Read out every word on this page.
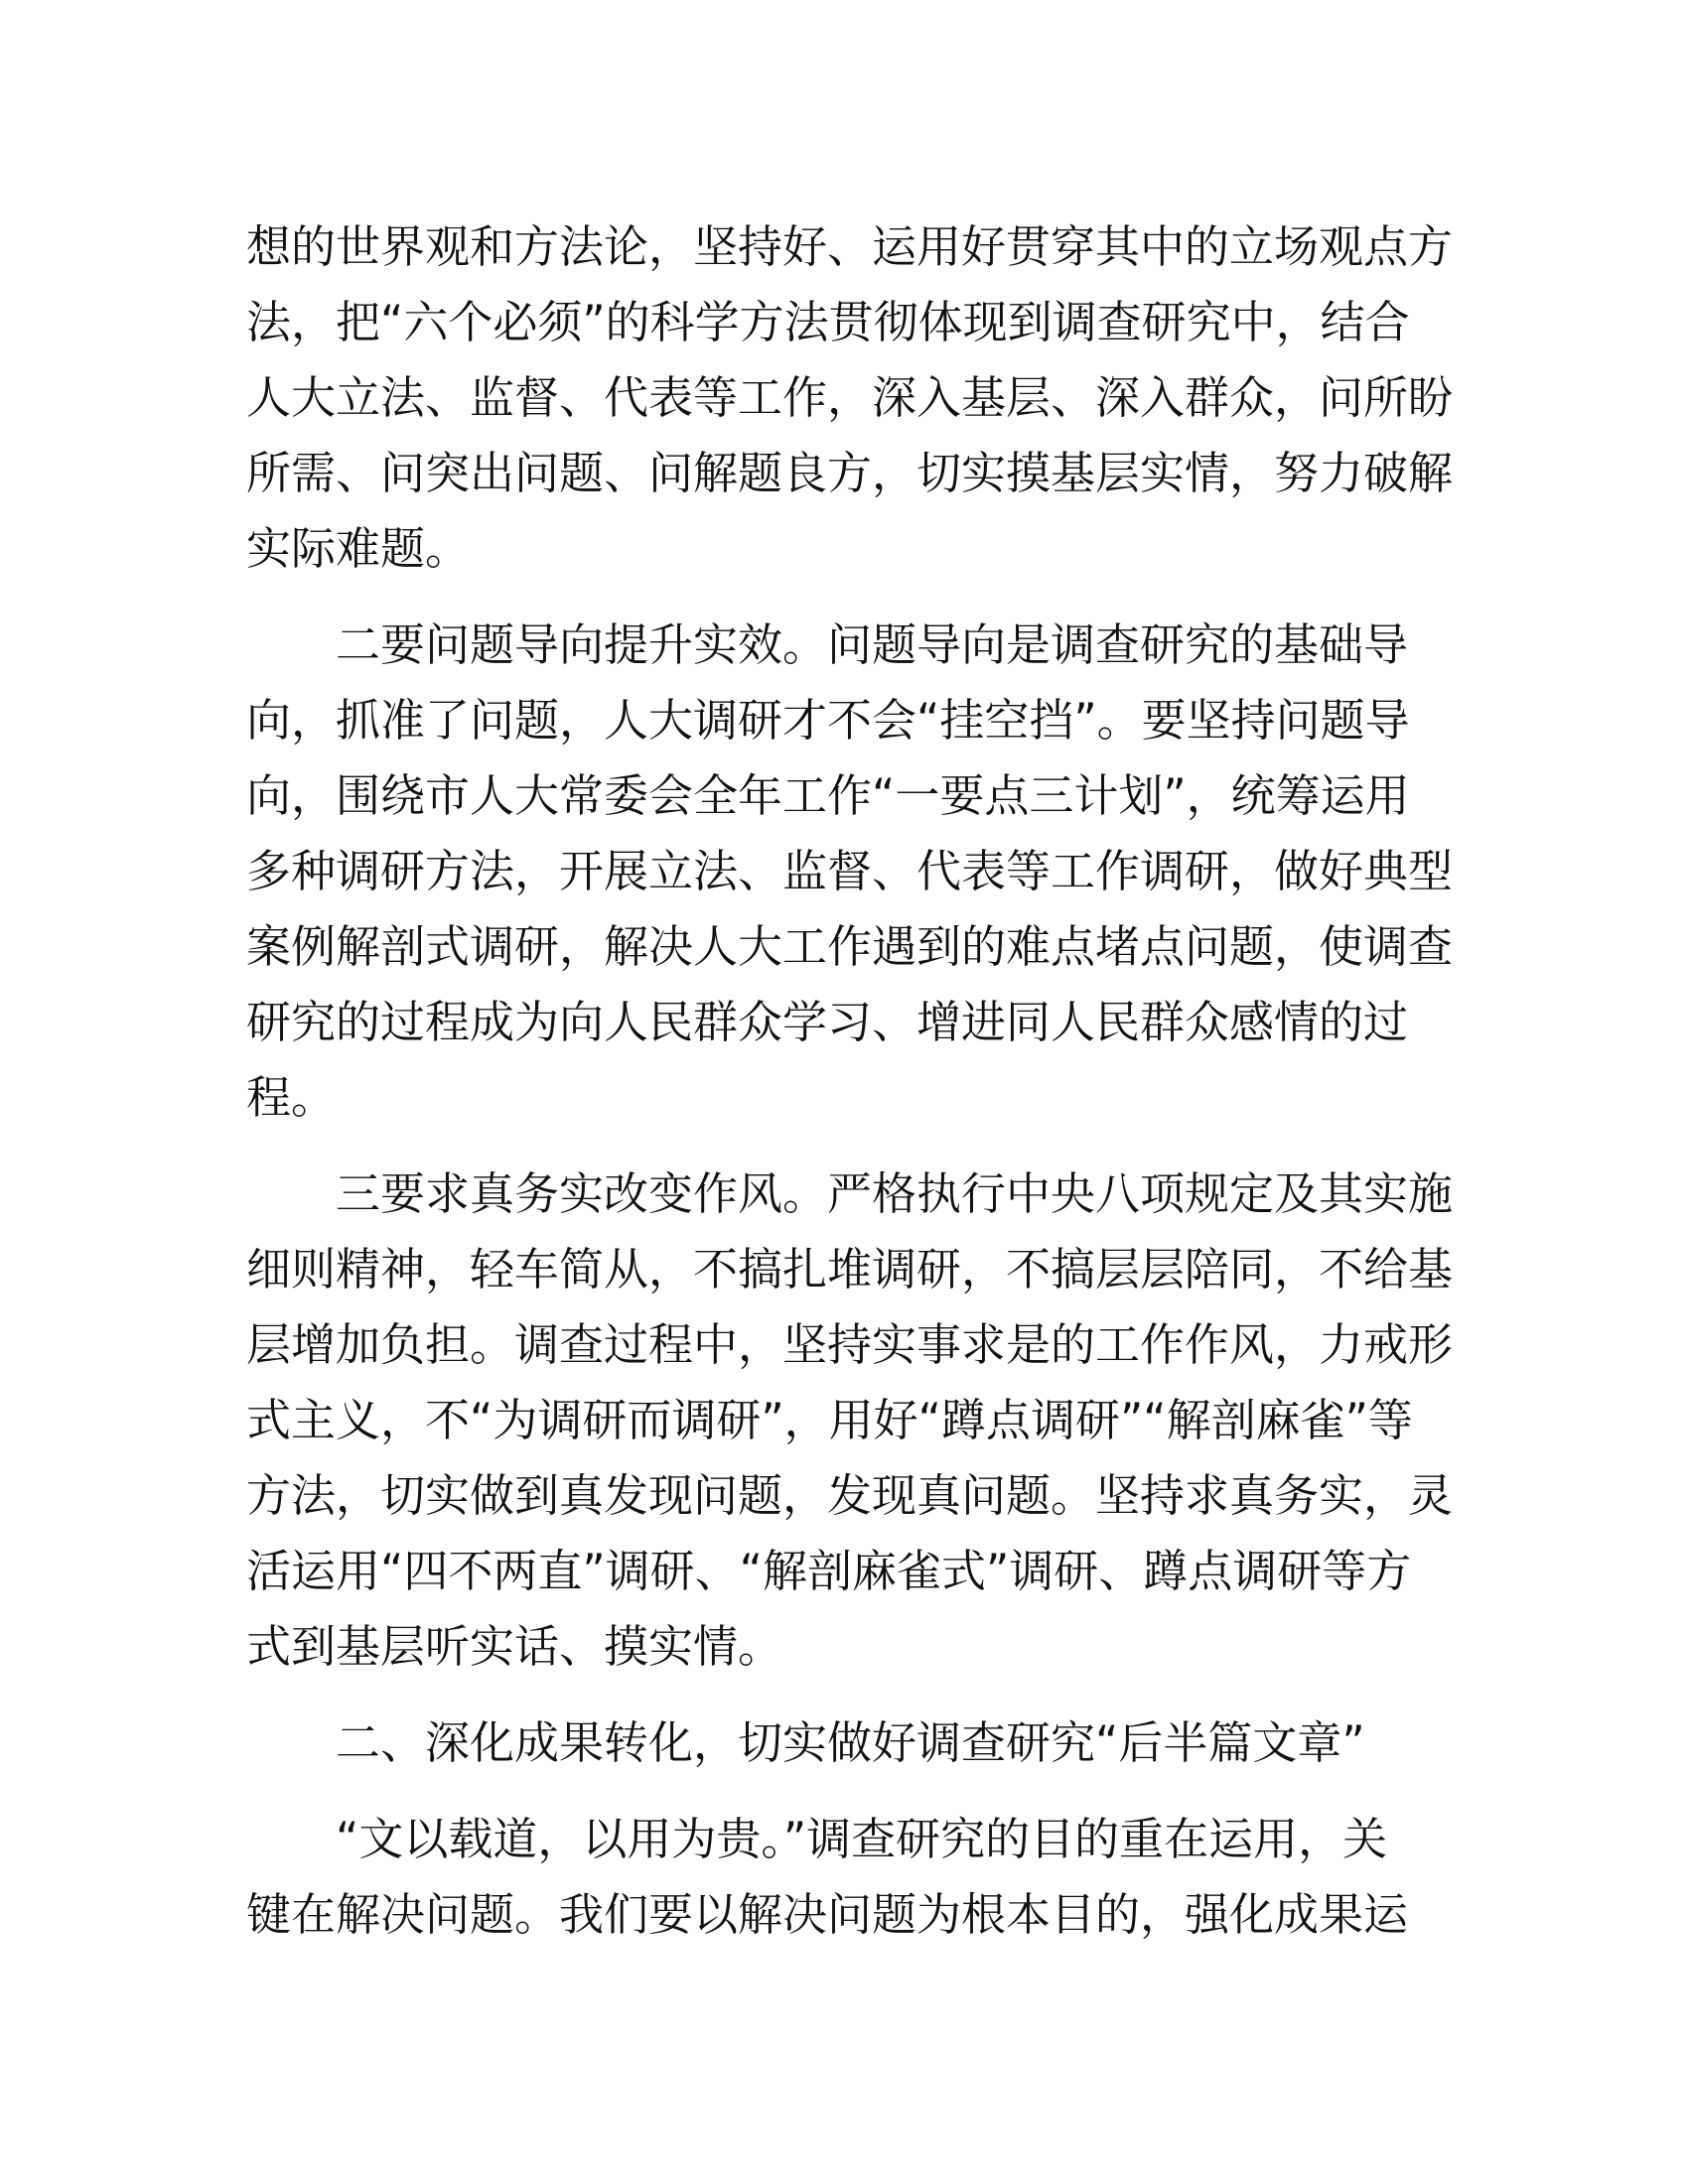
想的世界观和方法论，坚持好、运用好贯穿其中的立场观点方
法，把“六个必须”的科学方法贯彻体现到调查研究中，结合
人大立法、监督、代表等工作，深入基层、深入群众，问所盼
所需、问突出问题、问解题良方，切实摸基层实情，努力破解
实际难题。
二要问题导向提升实效。问题导向是调查研究的基础导
向，抓准了问题，人大调研才不会“挂空挡”。要坚持问题导
向，围绕市人大常委会全年工作“一要点三计划”，统筹运用
多种调研方法，开展立法、监督、代表等工作调研，做好典型
案例解剖式调研，解决人大工作遇到的难点堵点问题，使调查
研究的过程成为向人民群众学习、增进同人民群众感情的过
程。
三要求真务实改变作风。严格执行中央八项规定及其实施
细则精神，轻车简从，不搞扎堆调研，不搞层层陪同，不给基
层增加负担。调查过程中，坚持实事求是的工作作风，力戒形
式主义，不“为调研而调研”，用好“蹲点调研”“解剖麻雀”等
方法，切实做到真发现问题，发现真问题。坚持求真务实，灵
活运用“四不两直”调研、“解剖麻雀式”调研、蹲点调研等方
式到基层听实话、摸实情。
二、深化成果转化，切实做好调查研究“后半篇文章”
“文以载道，以用为贵。”调查研究的目的重在运用，关
键在解决问题。我们要以解决问题为根本目的，强化成果运
